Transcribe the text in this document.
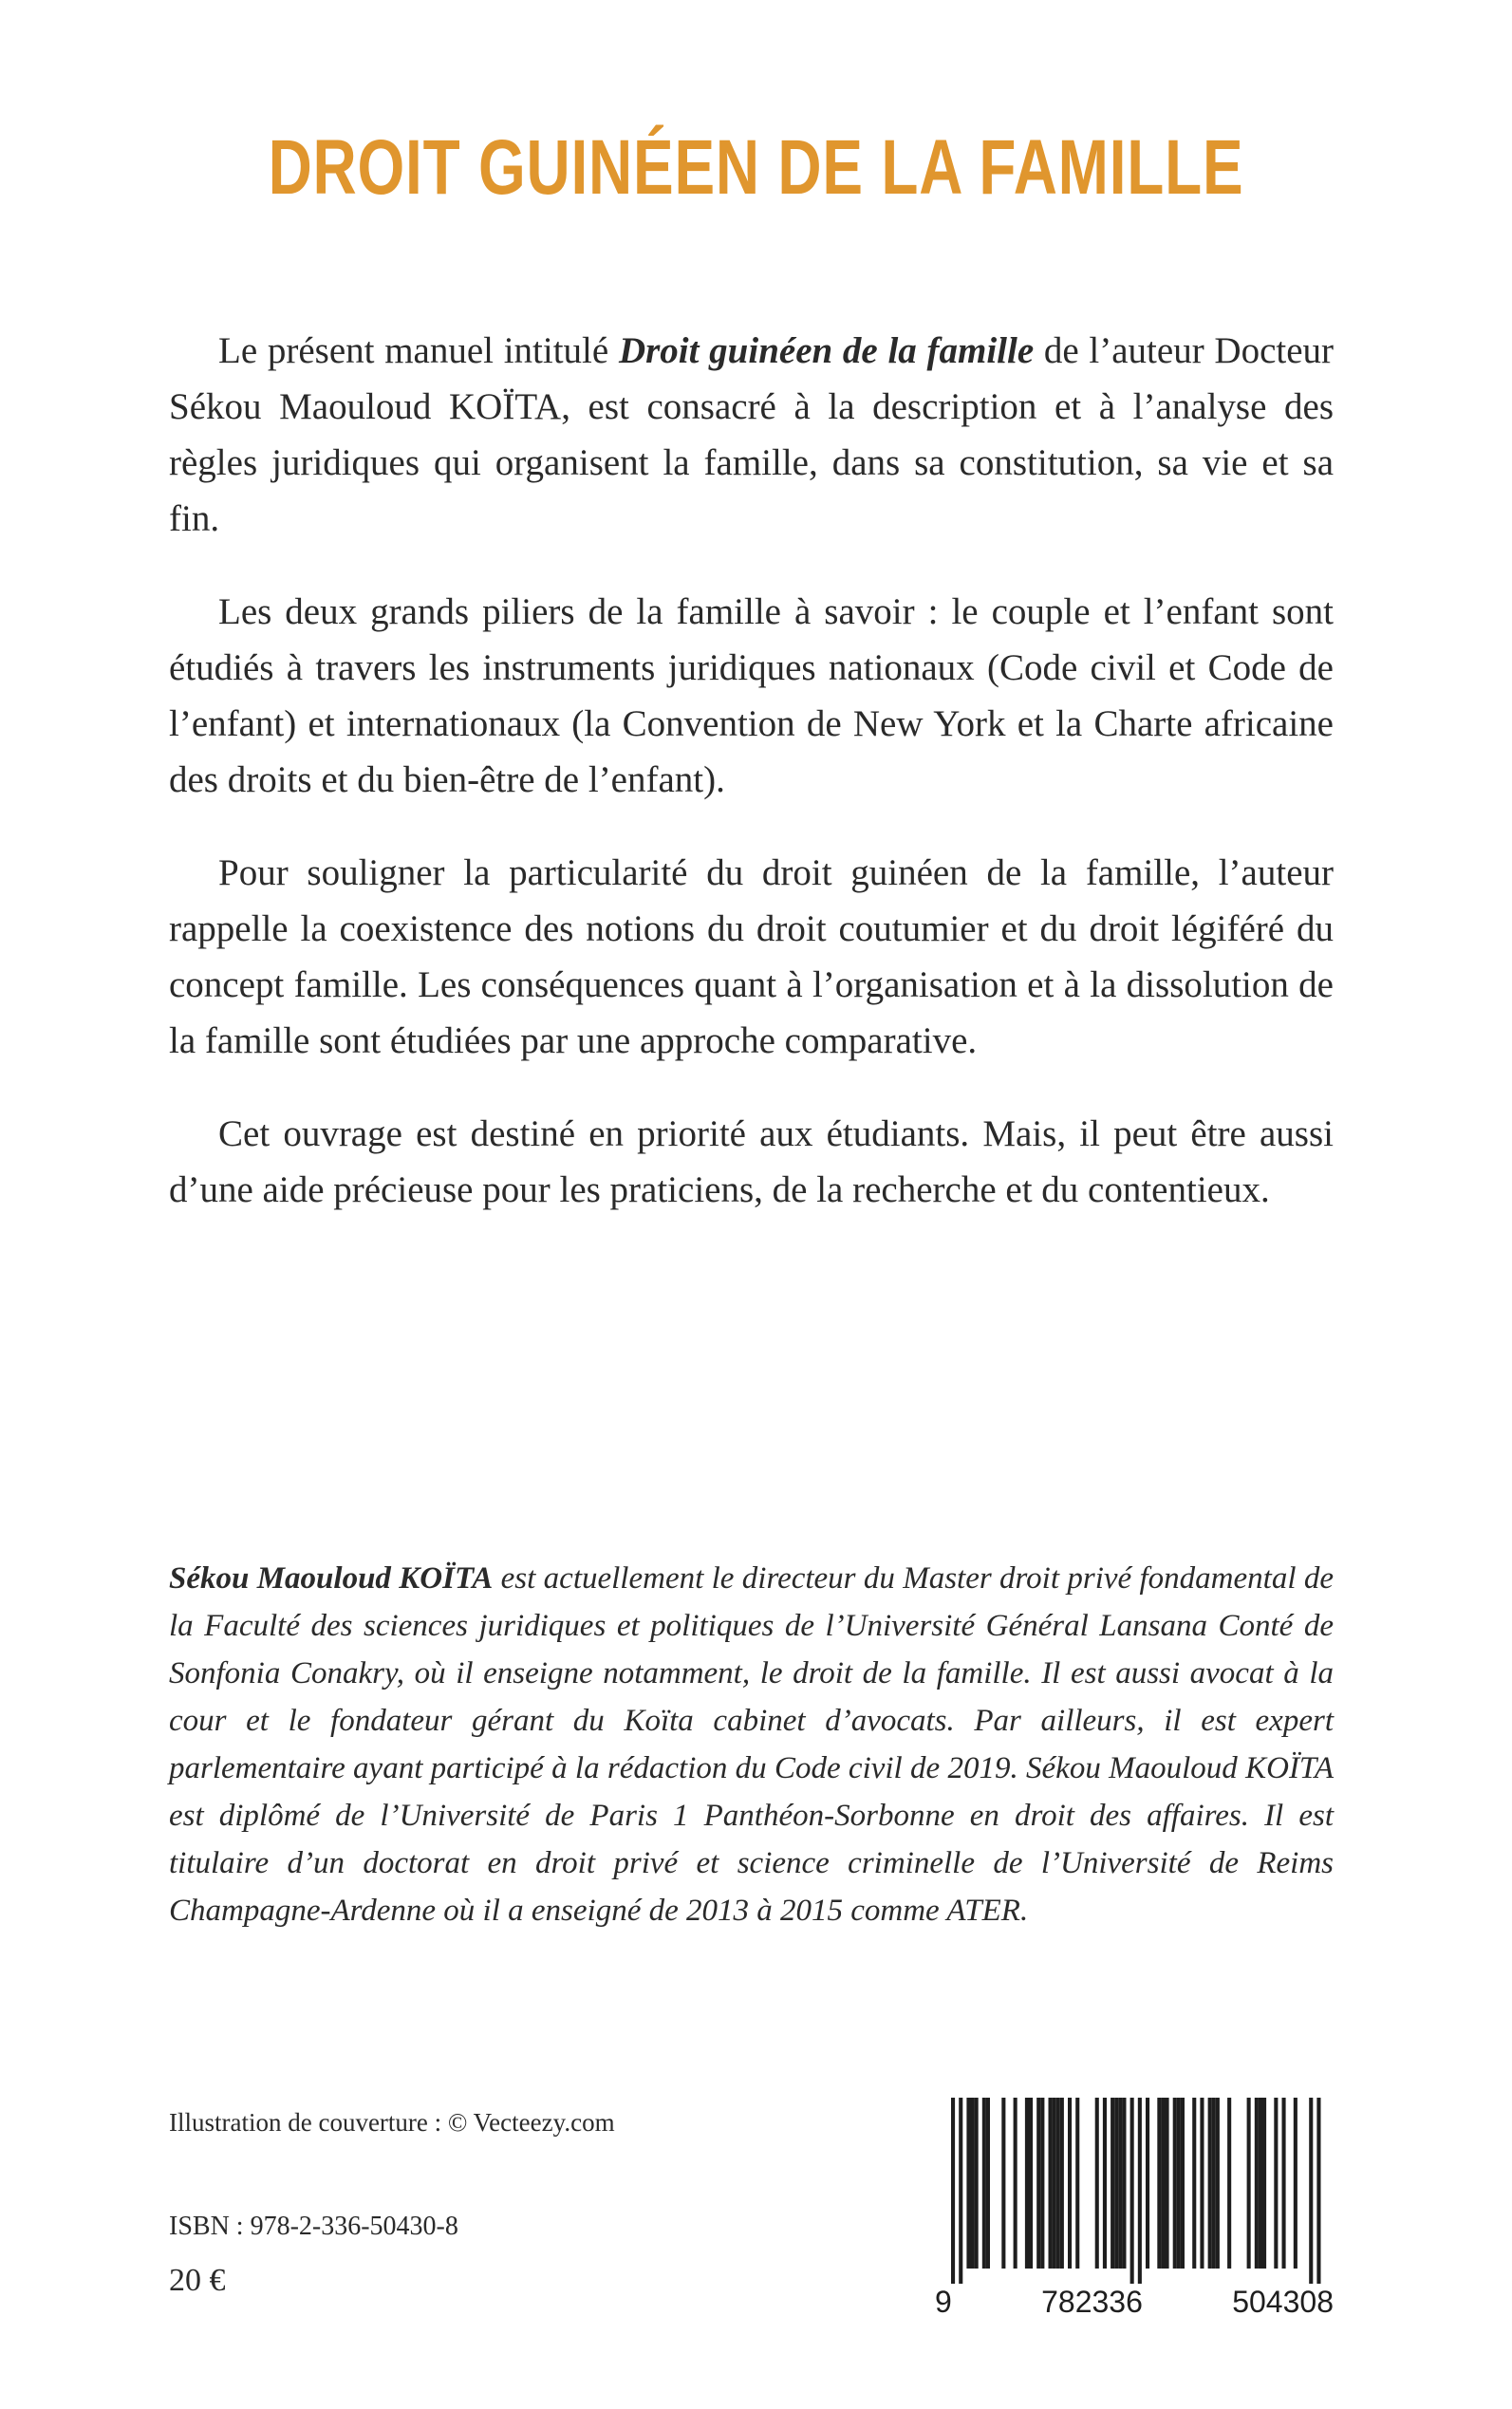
DROIT GUINÉEN DE LA FAMILLE

Le présent manuel intitulé Droit guinéen de la famille de l’auteur Docteur Sékou Maouloud KOÏTA, est consacré à la description et à l’analyse des règles juridiques qui organisent la famille, dans sa constitution, sa vie et sa fin.

Les deux grands piliers de la famille à savoir : le couple et l’enfant sont étudiés à travers les instruments juridiques nationaux (Code civil et Code de l’enfant) et internationaux (la Convention de New York et la Charte africaine des droits et du bien-être de l’enfant).

Pour souligner la particularité du droit guinéen de la famille, l’auteur rappelle la coexistence des notions du droit coutumier et du droit légiféré du concept famille. Les conséquences quant à l’organisation et à la dissolution de la famille sont étudiées par une approche comparative.

Cet ouvrage est destiné en priorité aux étudiants. Mais, il peut être aussi d’une aide précieuse pour les praticiens, de la recherche et du contentieux.

Sékou Maouloud KOÏTA est actuellement le directeur du Master droit privé fondamental de la Faculté des sciences juridiques et politiques de l’Université Général Lansana Conté de Sonfonia Conakry, où il enseigne notamment, le droit de la famille. Il est aussi avocat à la cour et le fondateur gérant du Koïta cabinet d’avocats. Par ailleurs, il est expert parlementaire ayant participé à la rédaction du Code civil de 2019. Sékou Maouloud KOÏTA est diplômé de l’Université de Paris 1 Panthéon-Sorbonne en droit des affaires. Il est titulaire d’un doctorat en droit privé et science criminelle de l’Université de Reims Champagne-Ardenne où il a enseigné de 2013 à 2015 comme ATER.
Illustration de couverture : © Vecteezy.com
ISBN : 978-2-336-50430-8
20 €
9	782336	504308
